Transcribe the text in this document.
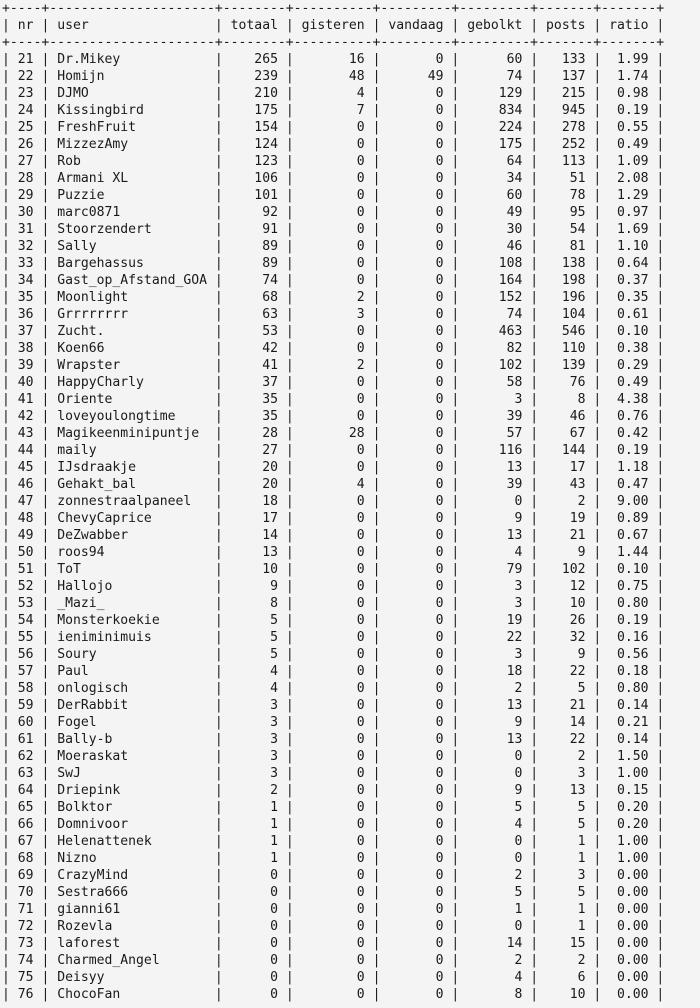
+----+---------------------+--------+----------+---------+---------+-------+-------+
| nr | user                | totaal | gisteren | vandaag | gebolkt | posts | ratio |
+----+---------------------+--------+----------+---------+---------+-------+-------+
| 21 | Dr.Mikey            |    265 |       16 |       0 |      60 |   133 |  1.99 |
| 22 | Homijn              |    239 |       48 |      49 |      74 |   137 |  1.74 |
| 23 | DJMO                |    210 |        4 |       0 |     129 |   215 |  0.98 |
| 24 | Kissingbird         |    175 |        7 |       0 |     834 |   945 |  0.19 |
| 25 | FreshFruit          |    154 |        0 |       0 |     224 |   278 |  0.55 |
| 26 | MizzezAmy           |    124 |        0 |       0 |     175 |   252 |  0.49 |
| 27 | Rob                 |    123 |        0 |       0 |      64 |   113 |  1.09 |
| 28 | Armani XL           |    106 |        0 |       0 |      34 |    51 |  2.08 |
| 29 | Puzzie              |    101 |        0 |       0 |      60 |    78 |  1.29 |
| 30 | marc0871            |     92 |        0 |       0 |      49 |    95 |  0.97 |
| 31 | Stoorzendert        |     91 |        0 |       0 |      30 |    54 |  1.69 |
| 32 | Sally               |     89 |        0 |       0 |      46 |    81 |  1.10 |
| 33 | Bargehassus         |     89 |        0 |       0 |     108 |   138 |  0.64 |
| 34 | Gast_op_Afstand_GOA |     74 |        0 |       0 |     164 |   198 |  0.37 |
| 35 | Moonlight           |     68 |        2 |       0 |     152 |   196 |  0.35 |
| 36 | Grrrrrrrr           |     63 |        3 |       0 |      74 |   104 |  0.61 |
| 37 | Zucht.              |     53 |        0 |       0 |     463 |   546 |  0.10 |
| 38 | Koen66              |     42 |        0 |       0 |      82 |   110 |  0.38 |
| 39 | Wrapster            |     41 |        2 |       0 |     102 |   139 |  0.29 |
| 40 | HappyCharly         |     37 |        0 |       0 |      58 |    76 |  0.49 |
| 41 | Oriente             |     35 |        0 |       0 |       3 |     8 |  4.38 |
| 42 | loveyoulongtime     |     35 |        0 |       0 |      39 |    46 |  0.76 |
| 43 | Magikeenminipuntje  |     28 |       28 |       0 |      57 |    67 |  0.42 |
| 44 | maily               |     27 |        0 |       0 |     116 |   144 |  0.19 |
| 45 | IJsdraakje          |     20 |        0 |       0 |      13 |    17 |  1.18 |
| 46 | Gehakt_bal          |     20 |        4 |       0 |      39 |    43 |  0.47 |
| 47 | zonnestraalpaneel   |     18 |        0 |       0 |       0 |     2 |  9.00 |
| 48 | ChevyCaprice        |     17 |        0 |       0 |       9 |    19 |  0.89 |
| 49 | DeZwabber           |     14 |        0 |       0 |      13 |    21 |  0.67 |
| 50 | roos94              |     13 |        0 |       0 |       4 |     9 |  1.44 |
| 51 | ToT                 |     10 |        0 |       0 |      79 |   102 |  0.10 |
| 52 | Hallojo             |      9 |        0 |       0 |       3 |    12 |  0.75 |
| 53 | _Mazi_              |      8 |        0 |       0 |       3 |    10 |  0.80 |
| 54 | Monsterkoekie       |      5 |        0 |       0 |      19 |    26 |  0.19 |
| 55 | ieniminimuis        |      5 |        0 |       0 |      22 |    32 |  0.16 |
| 56 | Soury               |      5 |        0 |       0 |       3 |     9 |  0.56 |
| 57 | Paul                |      4 |        0 |       0 |      18 |    22 |  0.18 |
| 58 | onlogisch           |      4 |        0 |       0 |       2 |     5 |  0.80 |
| 59 | DerRabbit           |      3 |        0 |       0 |      13 |    21 |  0.14 |
| 60 | Fogel               |      3 |        0 |       0 |       9 |    14 |  0.21 |
| 61 | Bally-b             |      3 |        0 |       0 |      13 |    22 |  0.14 |
| 62 | Moeraskat           |      3 |        0 |       0 |       0 |     2 |  1.50 |
| 63 | SwJ                 |      3 |        0 |       0 |       0 |     3 |  1.00 |
| 64 | Driepink            |      2 |        0 |       0 |       9 |    13 |  0.15 |
| 65 | Bolktor             |      1 |        0 |       0 |       5 |     5 |  0.20 |
| 66 | Domnivoor           |      1 |        0 |       0 |       4 |     5 |  0.20 |
| 67 | Helenattenek        |      1 |        0 |       0 |       0 |     1 |  1.00 |
| 68 | Nizno               |      1 |        0 |       0 |       0 |     1 |  1.00 |
| 69 | CrazyMind           |      0 |        0 |       0 |       2 |     3 |  0.00 |
| 70 | Sestra666           |      0 |        0 |       0 |       5 |     5 |  0.00 |
| 71 | gianni61            |      0 |        0 |       0 |       1 |     1 |  0.00 |
| 72 | Rozevla             |      0 |        0 |       0 |       0 |     1 |  0.00 |
| 73 | laforest            |      0 |        0 |       0 |      14 |    15 |  0.00 |
| 74 | Charmed_Angel       |      0 |        0 |       0 |       2 |     2 |  0.00 |
| 75 | Deisyy              |      0 |        0 |       0 |       4 |     6 |  0.00 |
| 76 | ChocoFan            |      0 |        0 |       0 |       8 |    10 |  0.00 |
